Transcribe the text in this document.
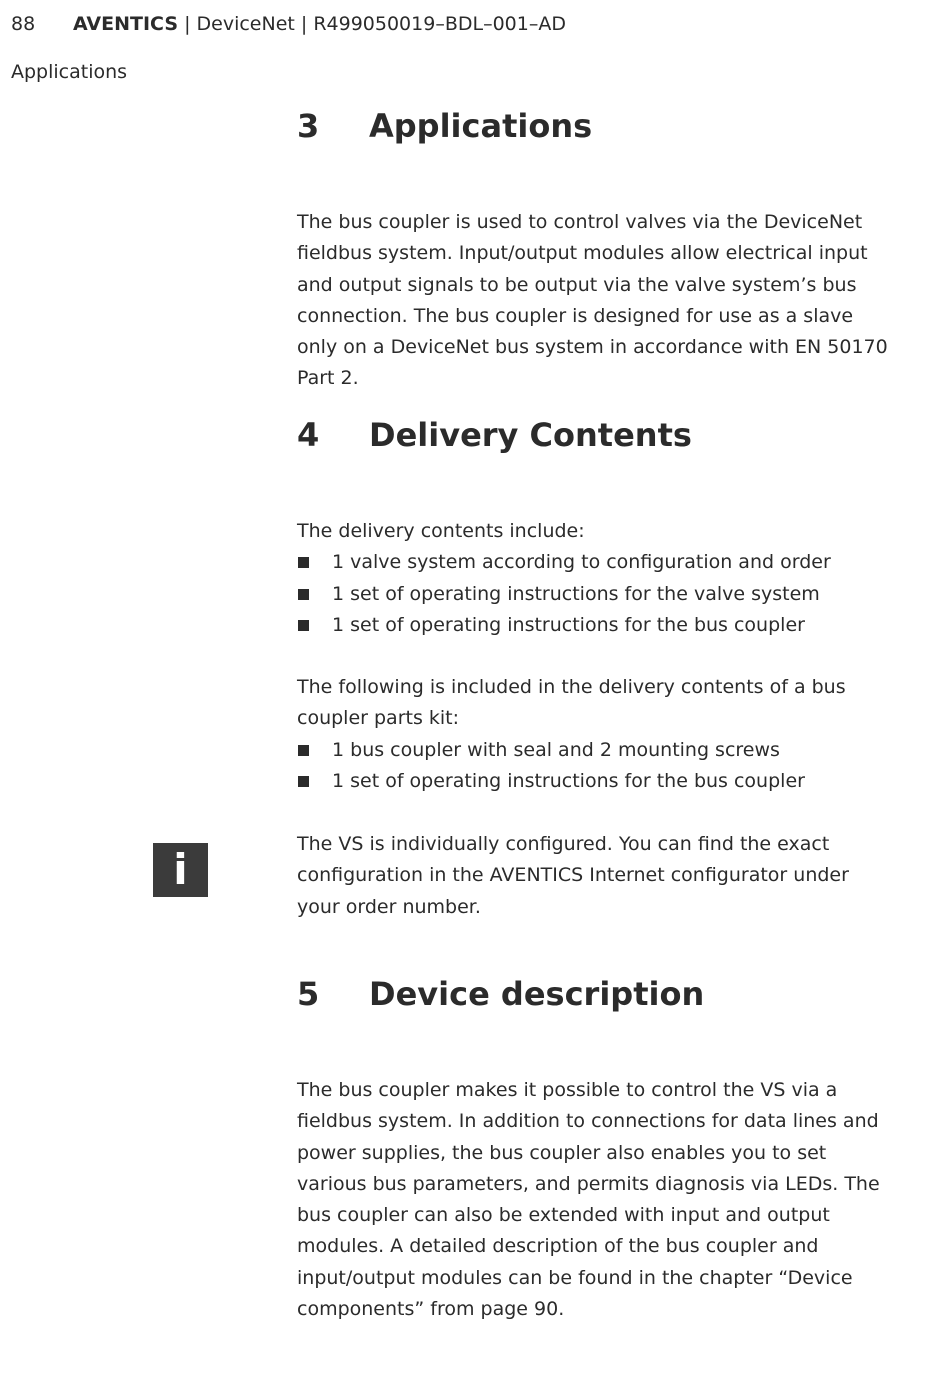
88 AVENTICS | DeviceNet | R499050019–BDL–001–AD
Applications
3 Applications

The bus coupler is used to control valves via the DeviceNet fieldbus system. Input/output modules allow electrical input and output signals to be output via the valve system’s bus connection. The bus coupler is designed for use as a slave only on a DeviceNet bus system in accordance with EN 50170 Part 2.

4 Delivery Contents

The delivery contents include:

1 valve system according to configuration and order
1 set of operating instructions for the valve system
1 set of operating instructions for the bus coupler

The following is included in the delivery contents of a bus coupler parts kit:

1 bus coupler with seal and 2 mounting screws
1 set of operating instructions for the bus coupler
i

The VS is individually configured. You can find the exact configuration in the AVENTICS Internet configurator under your order number.

5 Device description

The bus coupler makes it possible to control the VS via a fieldbus system. In addition to connections for data lines and power supplies, the bus coupler also enables you to set various bus parameters, and permits diagnosis via LEDs. The bus coupler can also be extended with input and output modules. A detailed description of the bus coupler and input/output modules can be found in the chapter “Device components” from page 90.
